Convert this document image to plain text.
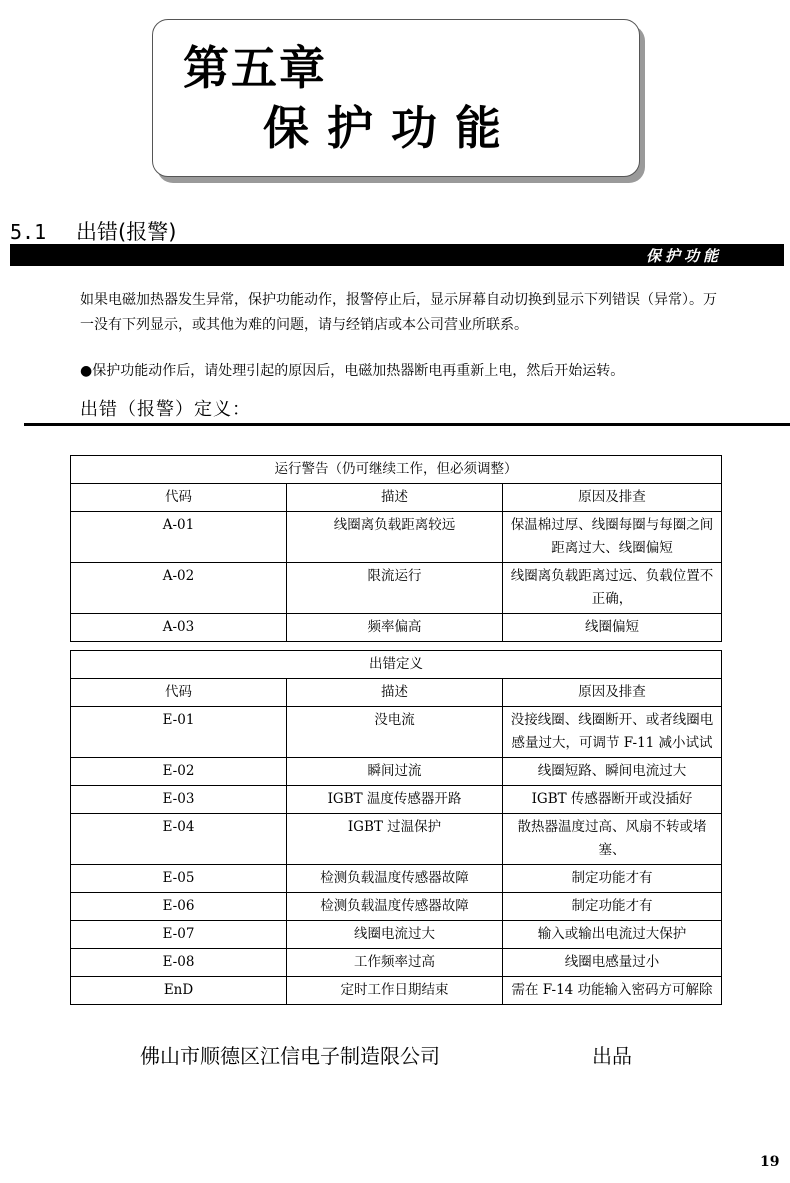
第五章
保护功能
5.1 出错(报警)
保护功能
如果电磁加热器发生异常，保护功能动作，报警停止后，显示屏幕自动切换到显示下列错误（异常）。万一没有下列显示，或其他为难的问题，请与经销店或本公司营业所联系。
●保护功能动作后，请处理引起的原因后，电磁加热器断电再重新上电，然后开始运转。
出错（报警）定义：
运行警告（仍可继续工作，但必须调整）		
代码	描述	原因及排查
A-01	线圈离负载距离较远	保温棉过厚、线圈每圈与每圈之间距离过大、线圈偏短
A-02	限流运行	线圈离负载距离过远、负载位置不正确，
A-03	频率偏高	线圈偏短
出错定义		
代码	描述	原因及排查
E-01	没电流	没接线圈、线圈断开、或者线圈电感量过大，可调节 F-11 减小试试
E-02	瞬间过流	线圈短路、瞬间电流过大
E-03	IGBT 温度传感器开路	IGBT 传感器断开或没插好
E-04	IGBT 过温保护	散热器温度过高、风扇不转或堵塞、
E-05	检测负载温度传感器故障	制定功能才有
E-06	检测负载温度传感器故障	制定功能才有
E-07	线圈电流过大	输入或输出电流过大保护
E-08	工作频率过高	线圈电感量过小
EnD	定时工作日期结束	需在 F-14 功能输入密码方可解除
佛山市顺德区江信电子制造限公司	出品
19
